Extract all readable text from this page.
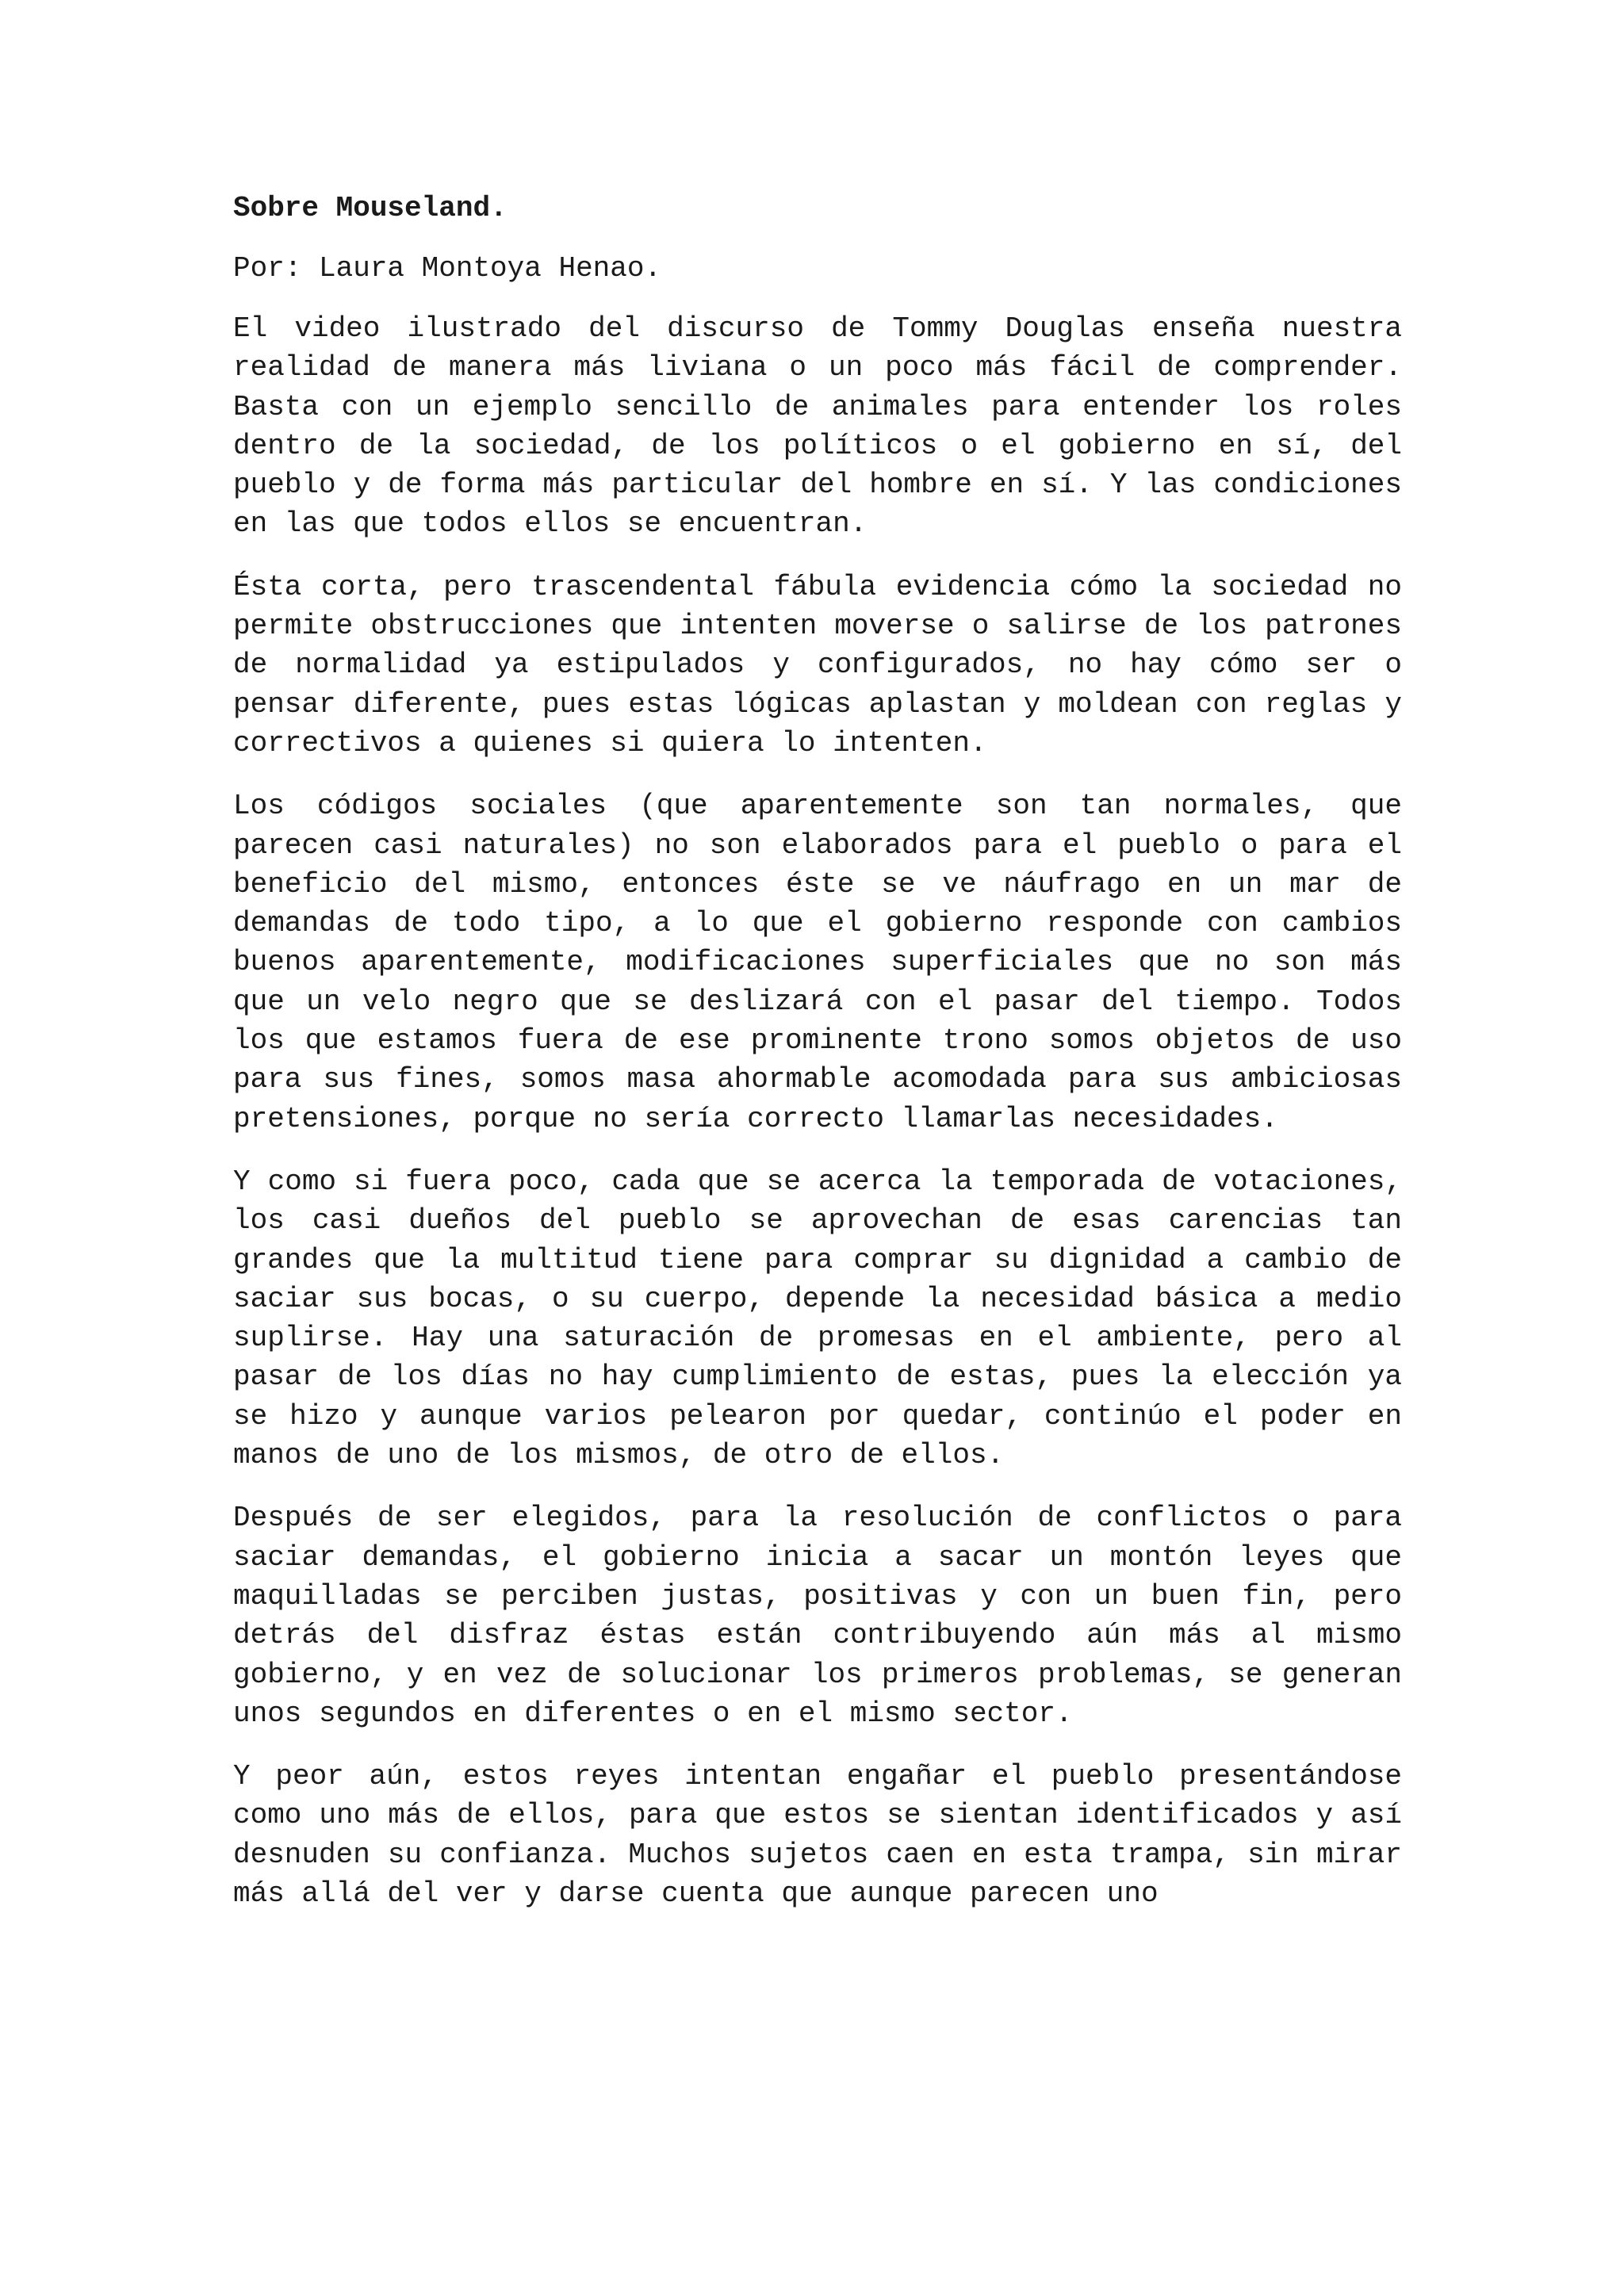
Sobre Mouseland.

Por: Laura Montoya Henao.

El video ilustrado del discurso de Tommy Douglas enseña nuestra realidad de manera más liviana o un poco más fácil de comprender. Basta con un ejemplo sencillo de animales para entender los roles dentro de la sociedad, de los políticos o el gobierno en sí, del pueblo y de forma más particular del hombre en sí. Y las condiciones en las que todos ellos se encuentran.

Ésta corta, pero trascendental fábula evidencia cómo la sociedad no permite obstrucciones que intenten moverse o salirse de los patrones de normalidad ya estipulados y configurados, no hay cómo ser o pensar diferente, pues estas lógicas aplastan y moldean con reglas y correctivos a quienes si quiera lo intenten.

Los códigos sociales (que aparentemente son tan normales, que parecen casi naturales) no son elaborados para el pueblo o para el beneficio del mismo, entonces éste se ve náufrago en un mar de demandas de todo tipo, a lo que el gobierno responde con cambios buenos aparentemente, modificaciones superficiales que no son más que un velo negro que se deslizará con el pasar del tiempo. Todos los que estamos fuera de ese prominente trono somos objetos de uso para sus fines, somos masa ahormable acomodada para sus ambiciosas pretensiones, porque no sería correcto llamarlas necesidades.

Y como si fuera poco, cada que se acerca la temporada de votaciones, los casi dueños del pueblo se aprovechan de esas carencias tan grandes que la multitud tiene para comprar su dignidad a cambio de saciar sus bocas, o su cuerpo, depende la necesidad básica a medio suplirse. Hay una saturación de promesas en el ambiente, pero al pasar de los días no hay cumplimiento de estas, pues la elección ya se hizo y aunque varios pelearon por quedar, continúo el poder en manos de uno de los mismos, de otro de ellos.

Después de ser elegidos, para la resolución de conflictos o para saciar demandas, el gobierno inicia a sacar un montón leyes que maquilladas se perciben justas, positivas y con un buen fin, pero detrás del disfraz éstas están contribuyendo aún más al mismo gobierno, y en vez de solucionar los primeros problemas, se generan unos segundos en diferentes o en el mismo sector.

Y peor aún, estos reyes intentan engañar el pueblo presentándose como uno más de ellos, para que estos se sientan identificados y así desnuden su confianza. Muchos sujetos caen en esta trampa, sin mirar más allá del ver y darse cuenta que aunque parecen uno
